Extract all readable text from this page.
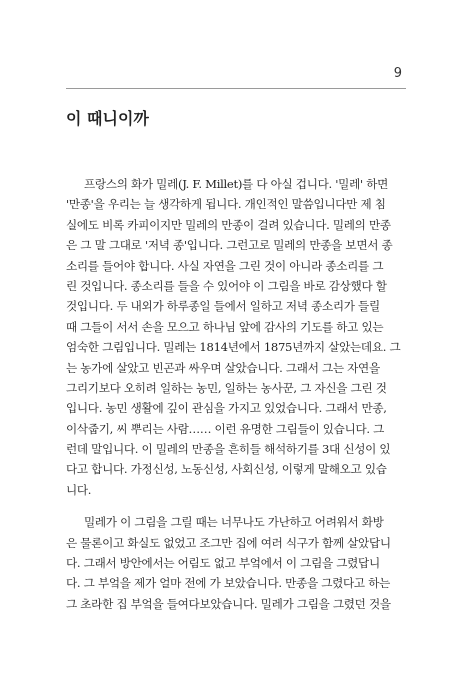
9
이 때니이까
프랑스의 화가 밀레(J. F. Millet)를 다 아실 겁니다. '밀레' 하면
'만종'을 우리는 늘 생각하게 됩니다. 개인적인 말씀입니다만 제 침
실에도 비록 카피이지만 밀레의 만종이 걸려 있습니다. 밀레의 만종
은 그 말 그대로 '저녁 종'입니다. 그런고로 밀레의 만종을 보면서 종
소리를 들어야 합니다. 사실 자연을 그린 것이 아니라 종소리를 그
린 것입니다. 종소리를 들을 수 있어야 이 그림을 바로 감상했다 할
것입니다. 두 내외가 하루종일 들에서 일하고 저녁 종소리가 들릴
때 그들이 서서 손을 모으고 하나님 앞에 감사의 기도를 하고 있는
엄숙한 그림입니다. 밀레는 1814년에서 1875년까지 살았는데요. 그
는 농가에 살았고 빈곤과 싸우며 살았습니다. 그래서 그는 자연을
그리기보다 오히려 일하는 농민, 일하는 농사꾼, 그 자신을 그린 것
입니다. 농민 생활에 깊이 관심을 가지고 있었습니다. 그래서 만종,
이삭줍기, 씨 뿌리는 사람…… 이런 유명한 그림들이 있습니다. 그
런데 말입니다. 이 밀레의 만종을 흔히들 해석하기를 3대 신성이 있
다고 합니다. 가정신성, 노동신성, 사회신성, 이렇게 말해오고 있습
니다.
밀레가 이 그림을 그릴 때는 너무나도 가난하고 어려워서 화방
은 물론이고 화실도 없었고 조그만 집에 여러 식구가 함께 살았답니
다. 그래서 방안에서는 어림도 없고 부엌에서 이 그림을 그렸답니
다. 그 부엌을 제가 얼마 전에 가 보았습니다. 만종을 그렸다고 하는
그 초라한 집 부엌을 들여다보았습니다. 밀레가 그림을 그렸던 것을
